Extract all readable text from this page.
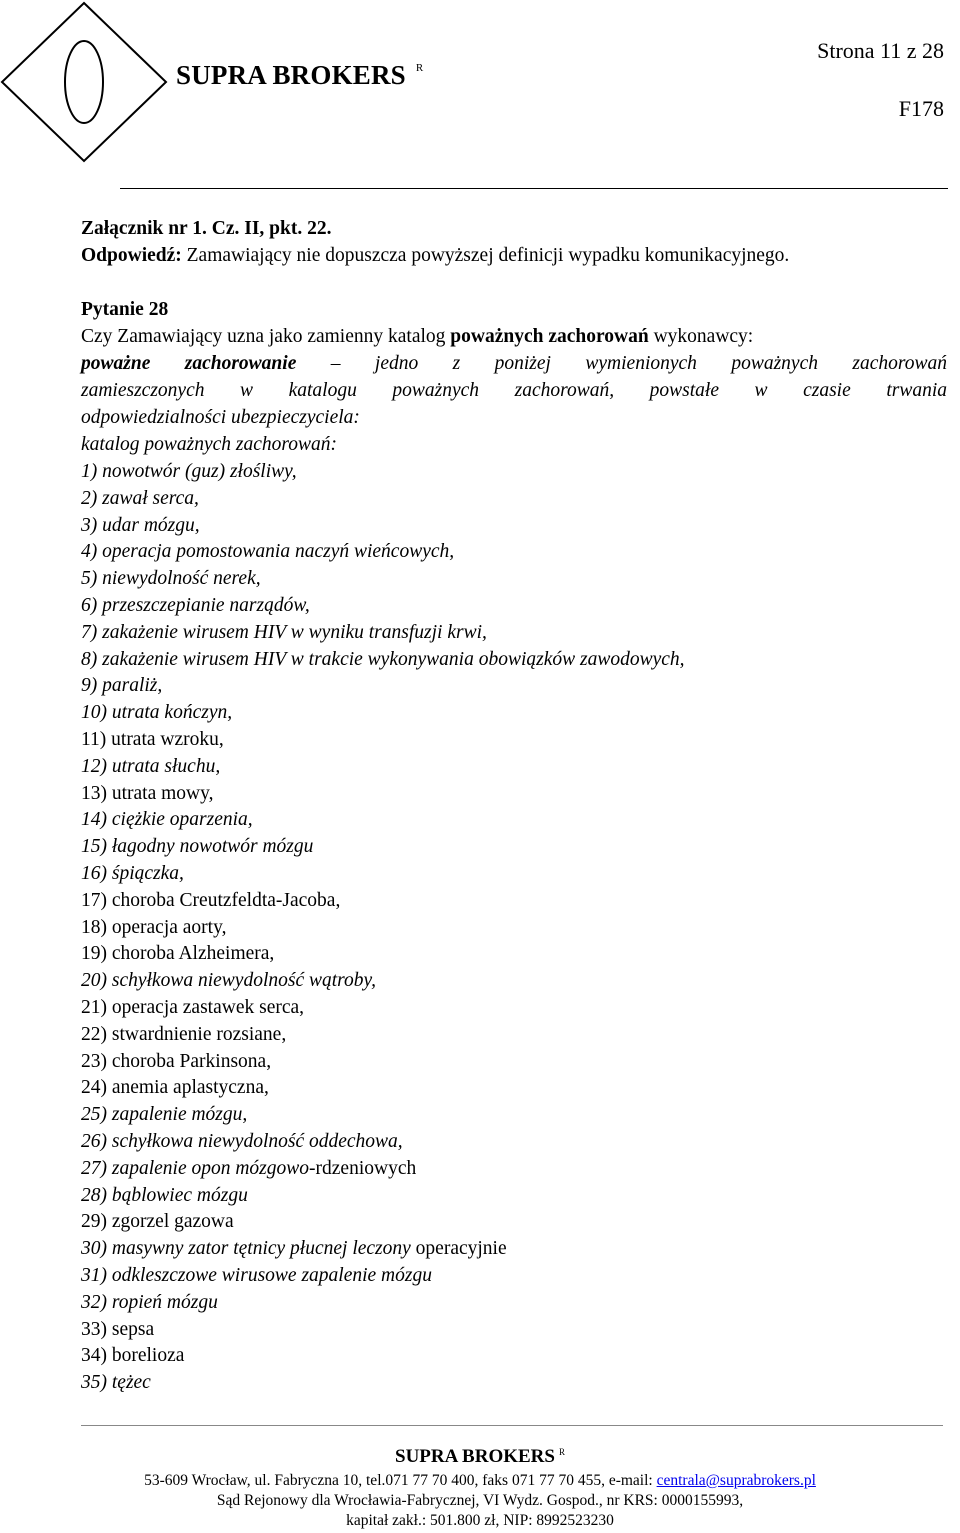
SUPRA BROKERS $^R$
Strona 11 z 28
F178
Załącznik nr 1. Cz. II, pkt. 22.
Odpowiedź: Zamawiający nie dopuszcza powyższej definicji wypadku komunikacyjnego.
Pytanie 28
Czy Zamawiający uzna jako zamienny katalog poważnych zachorowań wykonawcy:
poważne zachorowanie – jedno z poniżej wymienionych poważnych zachorowań
zamieszczonych w katalogu poważnych zachorowań, powstałe w czasie trwania
odpowiedzialności ubezpieczyciela:
katalog poważnych zachorowań:
1) nowotwór (guz) złośliwy,
2) zawał serca,
3) udar mózgu,
4) operacja pomostowania naczyń wieńcowych,
5) niewydolność nerek,
6) przeszczepianie narządów,
7) zakażenie wirusem HIV w wyniku transfuzji krwi,
8) zakażenie wirusem HIV w trakcie wykonywania obowiązków zawodowych,
9) paraliż,
10) utrata kończyn,
11) utrata wzroku,
12) utrata słuchu,
13) utrata mowy,
14) ciężkie oparzenia,
15) łagodny nowotwór mózgu
16) śpiączka,
17) choroba Creutzfeldta-Jacoba,
18) operacja aorty,
19) choroba Alzheimera,
20) schyłkowa niewydolność wątroby,
21) operacja zastawek serca,
22) stwardnienie rozsiane,
23) choroba Parkinsona,
24) anemia aplastyczna,
25) zapalenie mózgu,
26) schyłkowa niewydolność oddechowa,
27) zapalenie opon mózgowo-rdzeniowych
28) bąblowiec mózgu
29) zgorzel gazowa
30) masywny zator tętnicy płucnej leczony operacyjnie
31) odkleszczowe wirusowe zapalenie mózgu
32) ropień mózgu
33) sepsa
34) borelioza
35) tężec
SUPRA BROKERS $^R$
53-609 Wrocław, ul. Fabryczna 10, tel.071 77 70 400, faks 071 77 70 455, e-mail: centrala@suprabrokers.pl
Sąd Rejonowy dla Wrocławia-Fabrycznej, VI Wydz. Gospod., nr KRS: 0000155993,
kapitał zakł.: 501.800 zł, NIP: 8992523230
